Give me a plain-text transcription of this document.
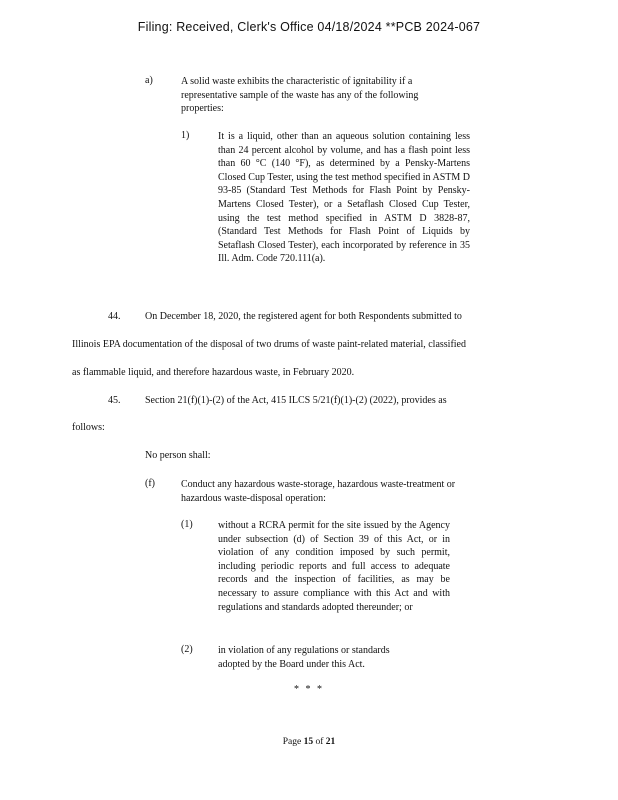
Filing: Received, Clerk's Office 04/18/2024 **PCB 2024-067
a)	A solid waste exhibits the characteristic of ignitability if a representative sample of the waste has any of the following properties:
1)	It is a liquid, other than an aqueous solution containing less than 24 percent alcohol by volume, and has a flash point less than 60 °C (140 °F), as determined by a Pensky-Martens Closed Cup Tester, using the test method specified in ASTM D 93-85 (Standard Test Methods for Flash Point by Pensky-Martens Closed Tester), or a Setaflash Closed Cup Tester, using the test method specified in ASTM D 3828-87, (Standard Test Methods for Flash Point of Liquids by Setaflash Closed Tester), each incorporated by reference in 35 Ill. Adm. Code 720.111(a).
44. On December 18, 2020, the registered agent for both Respondents submitted to
Illinois EPA documentation of the disposal of two drums of waste paint-related material, classified
as flammable liquid, and therefore hazardous waste, in February 2020.
45. Section 21(f)(1)-(2) of the Act, 415 ILCS 5/21(f)(1)-(2) (2022), provides as
follows:
No person shall:
(f)	Conduct any hazardous waste-storage, hazardous waste-treatment or hazardous waste-disposal operation:
(1)	without a RCRA permit for the site issued by the Agency under subsection (d) of Section 39 of this Act, or in violation of any condition imposed by such permit, including periodic reports and full access to adequate records and the inspection of facilities, as may be necessary to assure compliance with this Act and with regulations and standards adopted thereunder; or
(2)	in violation of any regulations or standards adopted by the Board under this Act.
* * *
Page 15 of 21
